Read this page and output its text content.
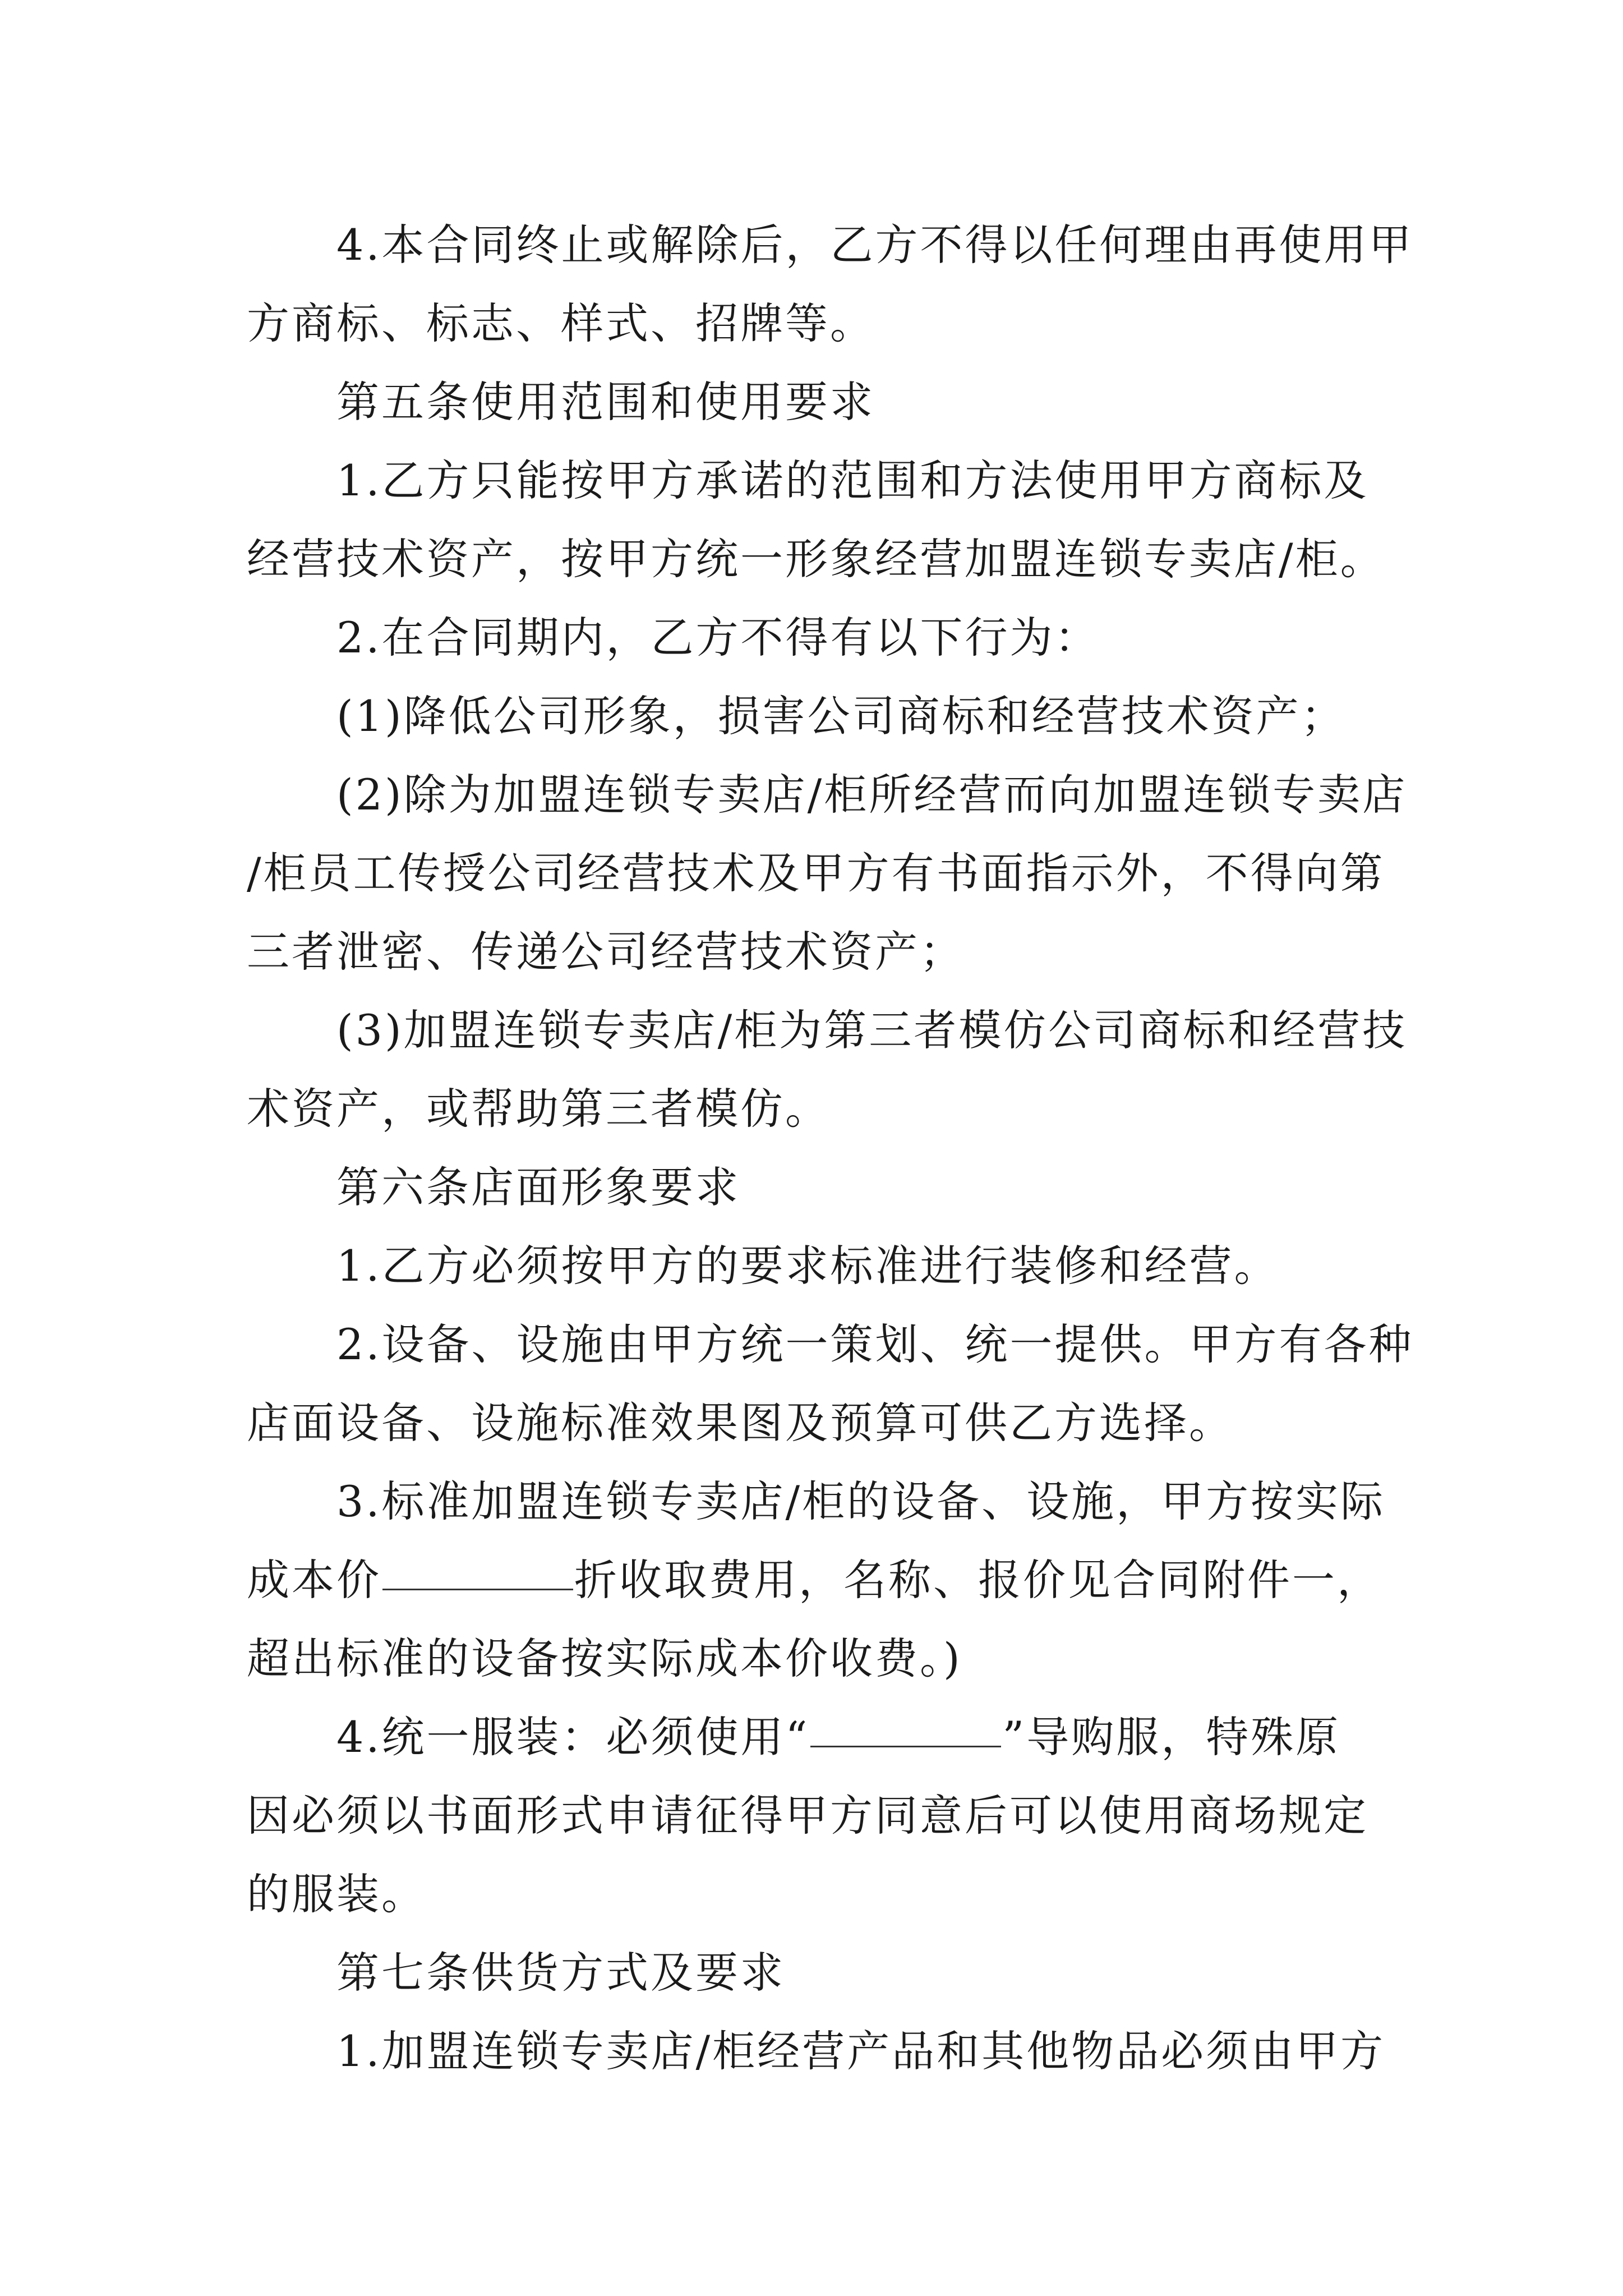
4.本合同终止或解除后，乙方不得以任何理由再使用甲

方商标、标志、样式、招牌等。

第五条使用范围和使用要求

1.乙方只能按甲方承诺的范围和方法使用甲方商标及

经营技术资产，按甲方统一形象经营加盟连锁专卖店/柜。

2.在合同期内，乙方不得有以下行为：

(1)降低公司形象，损害公司商标和经营技术资产；

(2)除为加盟连锁专卖店/柜所经营而向加盟连锁专卖店

/柜员工传授公司经营技术及甲方有书面指示外，不得向第

三者泄密、传递公司经营技术资产；

(3)加盟连锁专卖店/柜为第三者模仿公司商标和经营技

术资产，或帮助第三者模仿。

第六条店面形象要求

1.乙方必须按甲方的要求标准进行装修和经营。

2.设备、设施由甲方统一策划、统一提供。甲方有各种

店面设备、设施标准效果图及预算可供乙方选择。

3.标准加盟连锁专卖店/柜的设备、设施，甲方按实际

成本价	折收取费用，名称、报价见合同附件一，

超出标准的设备按实际成本价收费。)

4.统一服装：必须使用“	”导购服，特殊原

因必须以书面形式申请征得甲方同意后可以使用商场规定

的服装。

第七条供货方式及要求

1.加盟连锁专卖店/柜经营产品和其他物品必须由甲方
